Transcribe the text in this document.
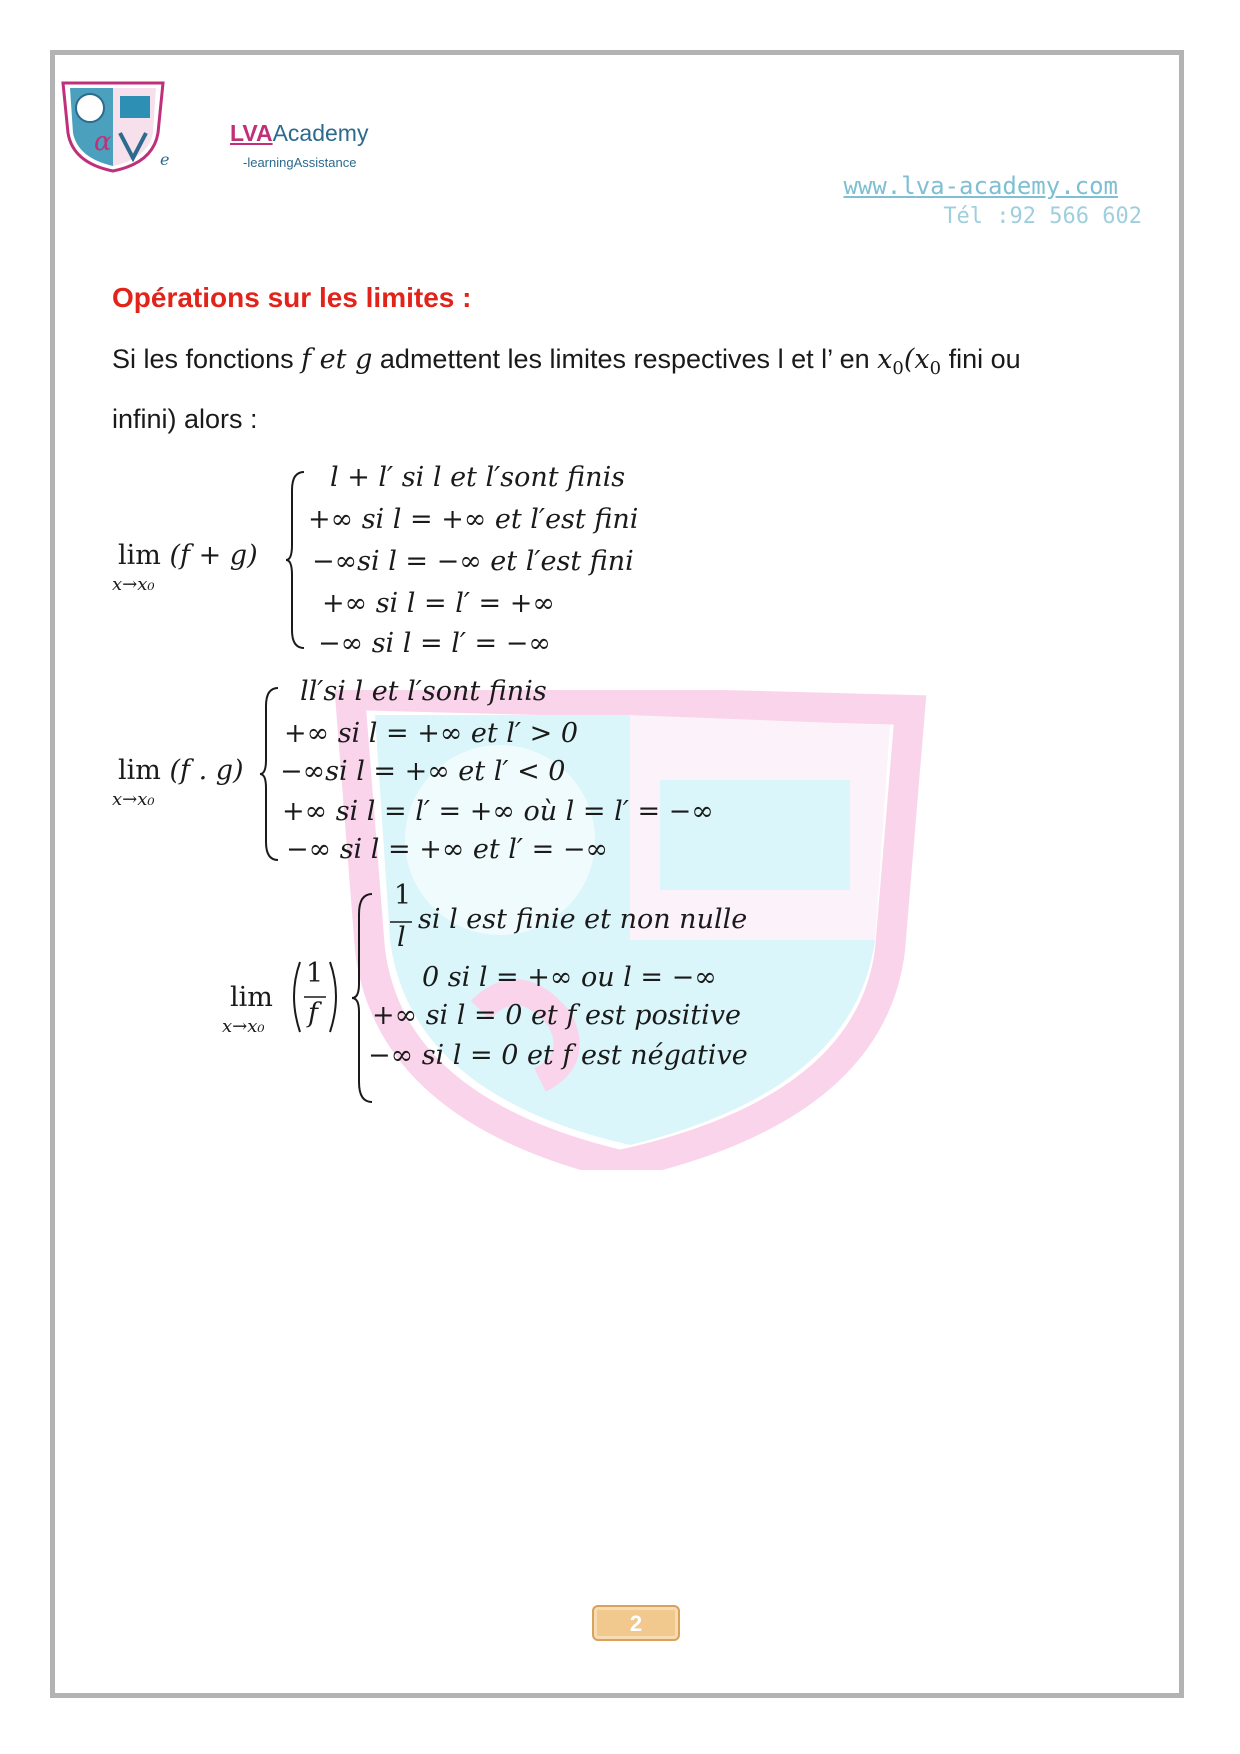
α
e
LVAAcademy
-learningAssistance
www.lva-academy.com
Tél :92 566 602
Opérations sur les limites :
Si les fonctions f et g admettent les limites respectives l et l’ en $x_0(x_0$ fini ou
infini) alors :
lim (f + g)
x→x₀
l + l′ si l et l′sont finis
+∞ si l = +∞ et l′est fini
−∞si l = −∞ et l′est fini
+∞ si l = l′ = +∞
−∞ si l = l′ = −∞
lim (f . g)
x→x₀
ll′si l et l′sont finis
+∞ si l = +∞ et l′ > 0
−∞si l = +∞ et l′ < 0
+∞ si l = l′ = +∞ où l = l′ = −∞
−∞ si l = +∞ et l′ = −∞
lim
x→x₀
1
f
1
l
si l est finie et non nulle
0 si l = +∞ ou l = −∞
+∞ si l = 0 et f est positive
−∞ si l = 0 et f est négative
2
